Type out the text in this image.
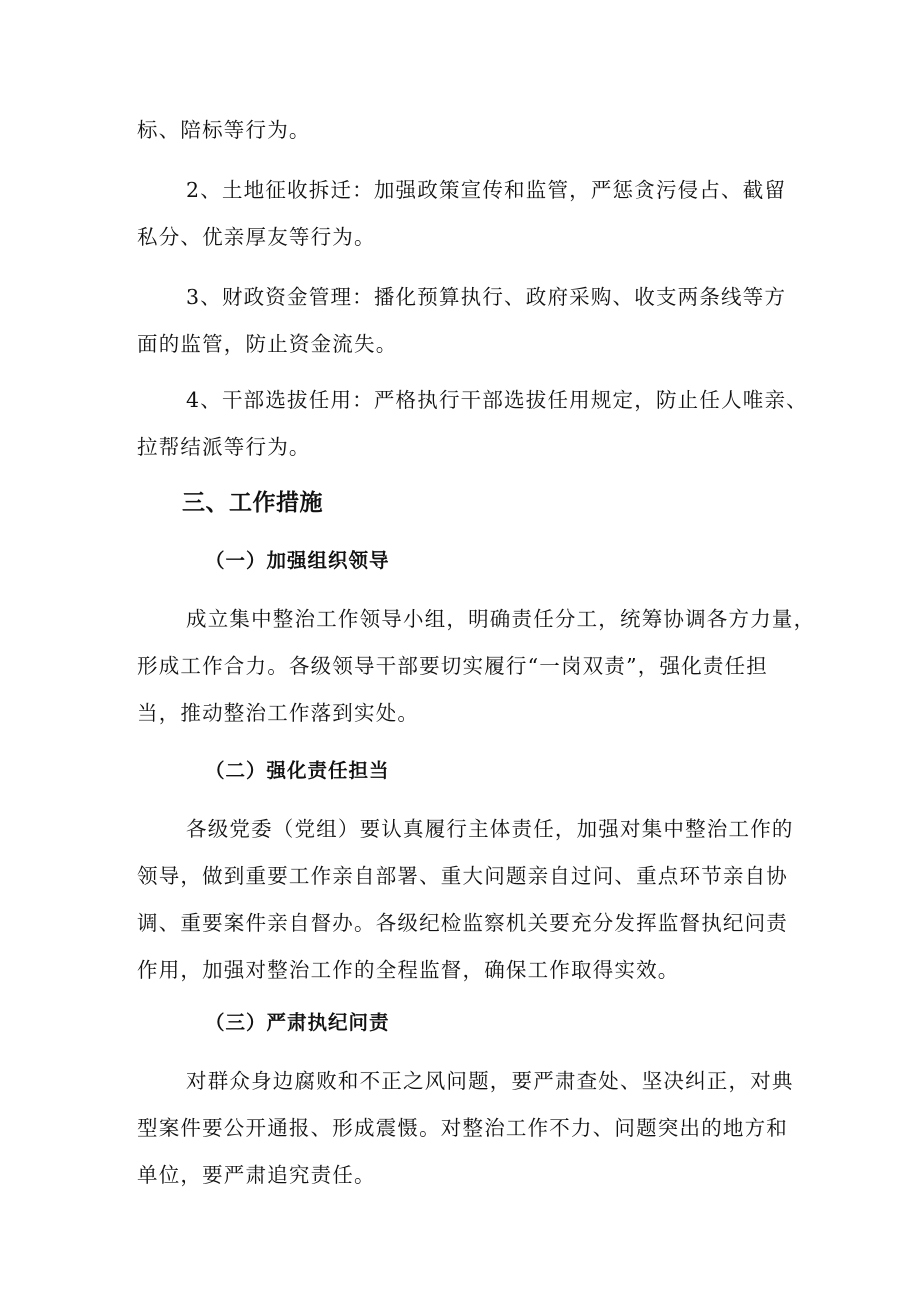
标、陪标等行为。

2、土地征收拆迁：加强政策宣传和监管，严惩贪污侵占、截留

私分、优亲厚友等行为。

3、财政资金管理：播化预算执行、政府采购、收支两条线等方

面的监管，防止资金流失。

4、干部选拔任用：严格执行干部选拔任用规定，防止任人唯亲、

拉帮结派等行为。

三、工作措施
（一）加强组织领导

成立集中整治工作领导小组，明确责任分工，统筹协调各方力量，

形成工作合力。各级领导干部要切实履行“一岗双责”，强化责任担

当，推动整治工作落到实处。

（二）强化责任担当

各级党委（党组）要认真履行主体责任，加强对集中整治工作的

领导，做到重要工作亲自部署、重大问题亲自过问、重点环节亲自协

调、重要案件亲自督办。各级纪检监察机关要充分发挥监督执纪问责

作用，加强对整治工作的全程监督，确保工作取得实效。

（三）严肃执纪问责

对群众身边腐败和不正之风问题，要严肃查处、坚决纠正，对典

型案件要公开通报、形成震慑。对整治工作不力、问题突出的地方和

单位，要严肃追究责任。
